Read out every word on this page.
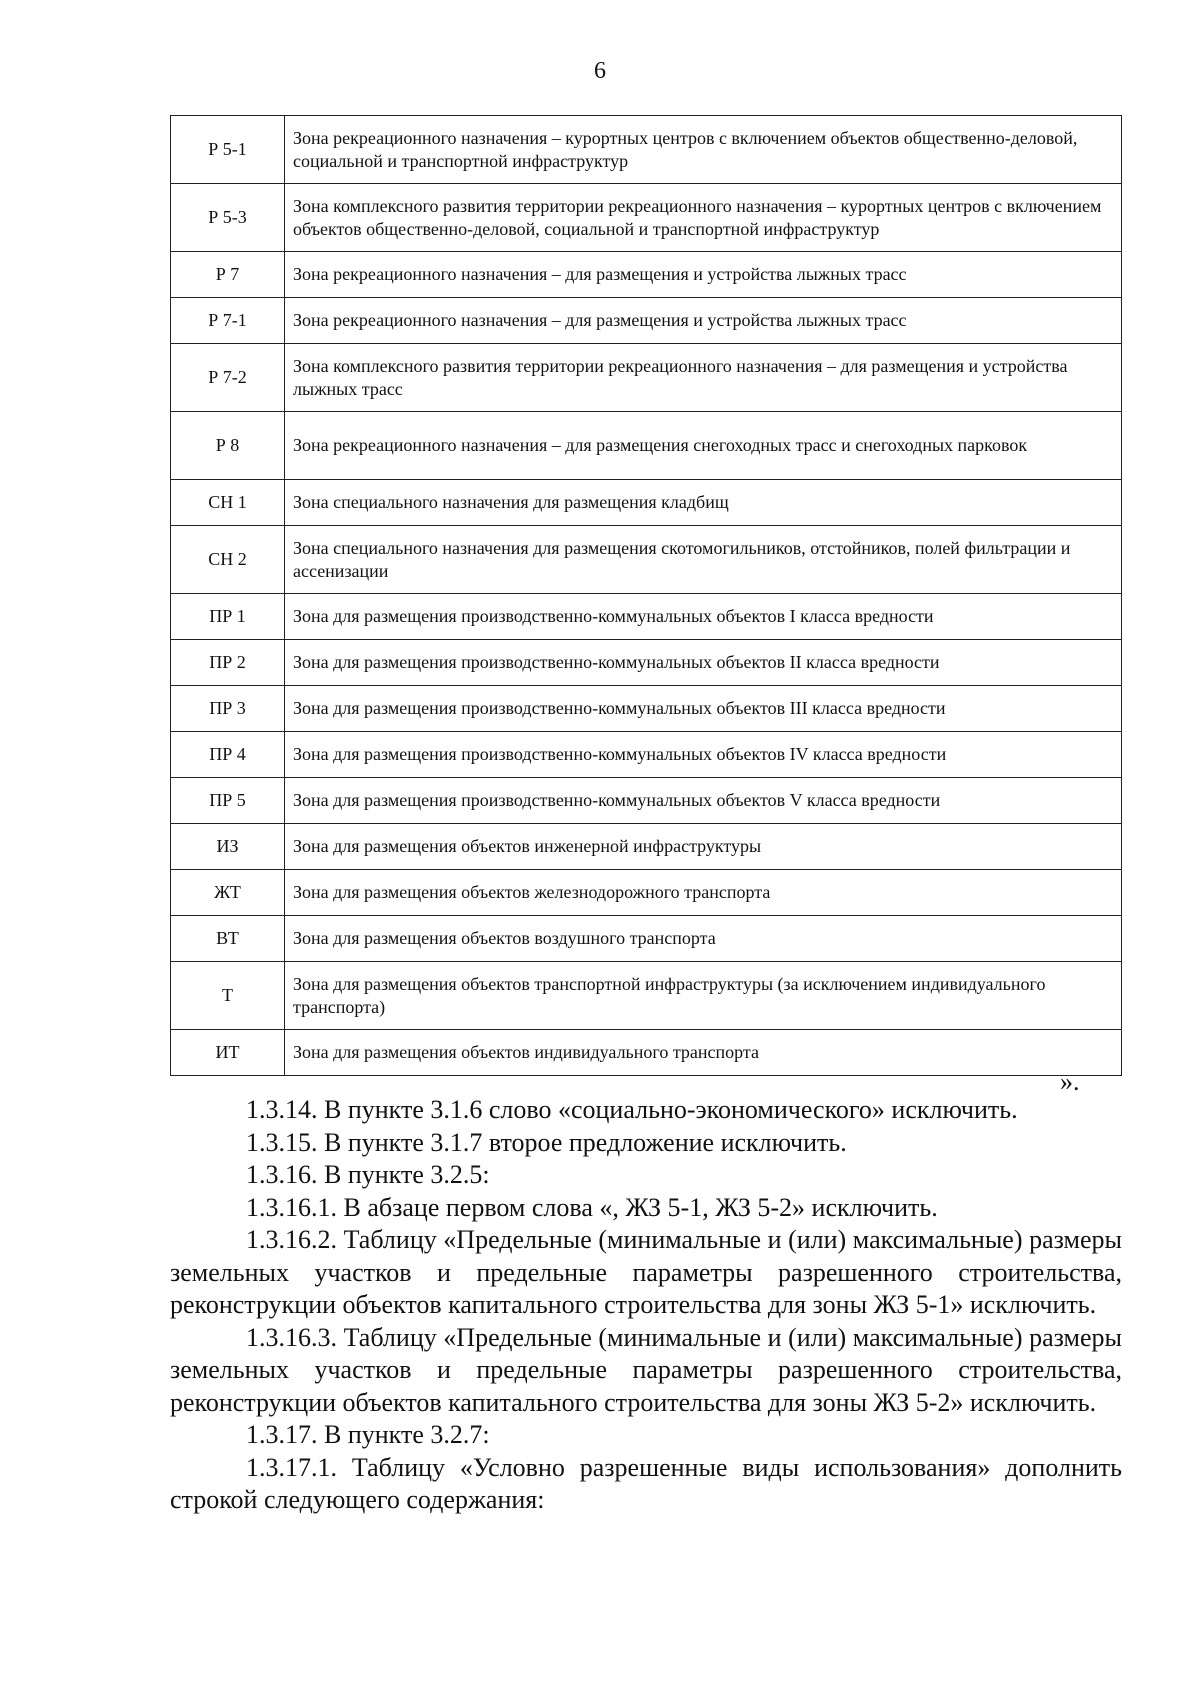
6
Р 5-1	Зона рекреационного назначения – курортных центров с включением объектов общественно-деловой, социальной и транспортной инфраструктур
Р 5-3	Зона комплексного развития территории рекреационного назначения – курортных центров с включением объектов общественно-деловой, социальной и транспортной инфраструктур
Р 7	Зона рекреационного назначения – для размещения и устройства лыжных трасс
Р 7-1	Зона рекреационного назначения – для размещения и устройства лыжных трасс
Р 7-2	Зона комплексного развития территории рекреационного назначения – для размещения и устройства лыжных трасс
Р 8	Зона рекреационного назначения – для размещения снегоходных трасс и снегоходных парковок
СН 1	Зона специального назначения для размещения кладбищ
СН 2	Зона специального назначения для размещения скотомогильников, отстойников, полей фильтрации и ассенизации
ПР 1	Зона для размещения производственно-коммунальных объектов I класса вредности
ПР 2	Зона для размещения производственно-коммунальных объектов II класса вредности
ПР 3	Зона для размещения производственно-коммунальных объектов III класса вредности
ПР 4	Зона для размещения производственно-коммунальных объектов IV класса вредности
ПР 5	Зона для размещения производственно-коммунальных объектов V класса вредности
ИЗ	Зона для размещения объектов инженерной инфраструктуры
ЖТ	Зона для размещения объектов железнодорожного транспорта
ВТ	Зона для размещения объектов воздушного транспорта
Т	Зона для размещения объектов транспортной инфраструктуры (за исключением индивидуального транспорта)
ИТ	Зона для размещения объектов индивидуального транспорта
».

1.3.14. В пункте 3.1.6 слово «социально-экономического» исключить.

1.3.15. В пункте 3.1.7 второе предложение исключить.

1.3.16. В пункте 3.2.5:

1.3.16.1. В абзаце первом слова «, ЖЗ 5-1, ЖЗ 5-2» исключить.

1.3.16.2. Таблицу «Предельные (минимальные и (или) максимальные) размеры земельных участков и предельные параметры разрешенного строительства, реконструкции объектов капитального строительства для зоны ЖЗ 5-1» исключить.

1.3.16.3. Таблицу «Предельные (минимальные и (или) максимальные) размеры земельных участков и предельные параметры разрешенного строительства, реконструкции объектов капитального строительства для зоны ЖЗ 5-2» исключить.

1.3.17. В пункте 3.2.7:

1.3.17.1. Таблицу «Условно разрешенные виды использования» дополнить строкой следующего содержания:
